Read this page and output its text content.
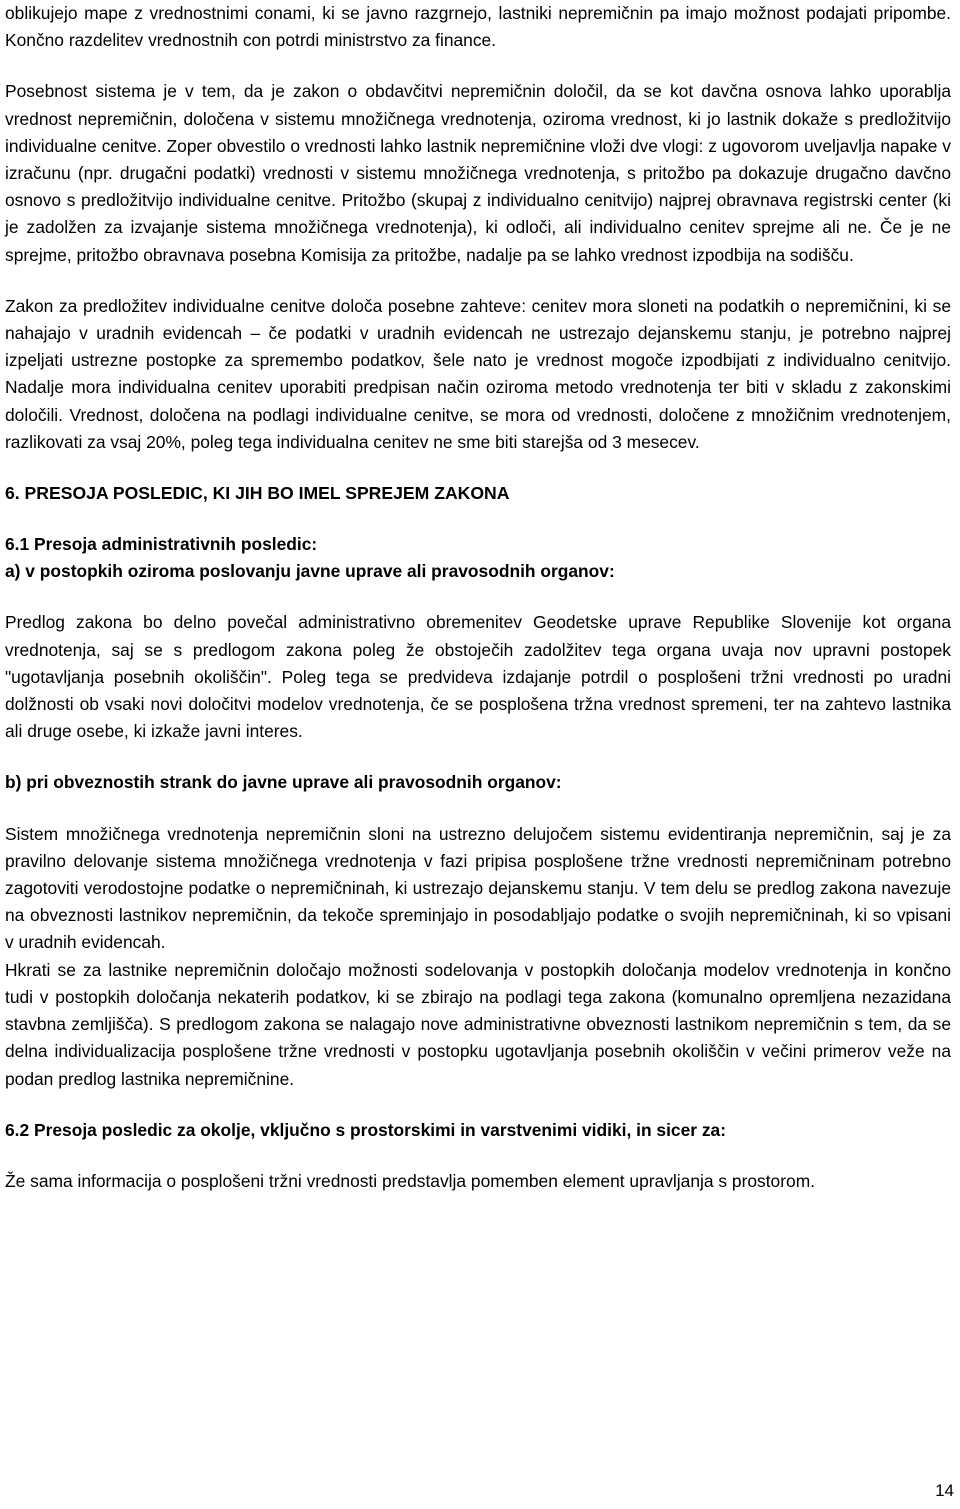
oblikujejo mape z vrednostnimi conami, ki se javno razgrnejo, lastniki nepremičnin pa imajo možnost podajati pripombe. Končno razdelitev vrednostnih con potrdi ministrstvo za finance.

Posebnost sistema je v tem, da je zakon o obdavčitvi nepremičnin določil, da se kot davčna osnova lahko uporablja vrednost nepremičnin, določena v sistemu množičnega vrednotenja, oziroma vrednost, ki jo lastnik dokaže s predložitvijo individualne cenitve. Zoper obvestilo o vrednosti lahko lastnik nepremičnine vloži dve vlogi: z ugovorom uveljavlja napake v izračunu (npr. drugačni podatki) vrednosti v sistemu množičnega vrednotenja, s pritožbo pa dokazuje drugačno davčno osnovo s predložitvijo individualne cenitve. Pritožbo (skupaj z individualno cenitvijo) najprej obravnava registrski center (ki je zadolžen za izvajanje sistema množičnega vrednotenja), ki odloči, ali individualno cenitev sprejme ali ne. Če je ne sprejme, pritožbo obravnava posebna Komisija za pritožbe, nadalje pa se lahko vrednost izpodbija na sodišču.

Zakon za predložitev individualne cenitve določa posebne zahteve: cenitev mora sloneti na podatkih o nepremičnini, ki se nahajajo v uradnih evidencah – če podatki v uradnih evidencah ne ustrezajo dejanskemu stanju, je potrebno najprej izpeljati ustrezne postopke za spremembo podatkov, šele nato je vrednost mogoče izpodbijati z individualno cenitvijo. Nadalje mora individualna cenitev uporabiti predpisan način oziroma metodo vrednotenja ter biti v skladu z zakonskimi določili. Vrednost, določena na podlagi individualne cenitve, se mora od vrednosti, določene z množičnim vrednotenjem, razlikovati za vsaj 20%, poleg tega individualna cenitev ne sme biti starejša od 3 mesecev.

6. PRESOJA POSLEDIC, KI JIH BO IMEL SPREJEM ZAKONA
6.1 Presoja administrativnih posledic:
a) v postopkih oziroma poslovanju javne uprave ali pravosodnih organov:

Predlog zakona bo delno povečal administrativno obremenitev Geodetske uprave Republike Slovenije kot organa vrednotenja, saj se s predlogom zakona poleg že obstoječih zadolžitev tega organa uvaja nov upravni postopek "ugotavljanja posebnih okoliščin". Poleg tega se predvideva izdajanje potrdil o posplošeni tržni vrednosti po uradni dolžnosti ob vsaki novi določitvi modelov vrednotenja, če se posplošena tržna vrednost spremeni, ter na zahtevo lastnika ali druge osebe, ki izkaže javni interes.

b) pri obveznostih strank do javne uprave ali pravosodnih organov:

Sistem množičnega vrednotenja nepremičnin sloni na ustrezno delujočem sistemu evidentiranja nepremičnin, saj je za pravilno delovanje sistema množičnega vrednotenja v fazi pripisa posplošene tržne vrednosti nepremičninam potrebno zagotoviti verodostojne podatke o nepremičninah, ki ustrezajo dejanskemu stanju. V tem delu se predlog zakona navezuje na obveznosti lastnikov nepremičnin, da tekoče spreminjajo in posodabljajo podatke o svojih nepremičninah, ki so vpisani v uradnih evidencah.

Hkrati se za lastnike nepremičnin določajo možnosti sodelovanja v postopkih določanja modelov vrednotenja in končno tudi v postopkih določanja nekaterih podatkov, ki se zbirajo na podlagi tega zakona (komunalno opremljena nezazidana stavbna zemljišča). S predlogom zakona se nalagajo nove administrativne obveznosti lastnikom nepremičnin s tem, da se delna individualizacija posplošene tržne vrednosti v postopku ugotavljanja posebnih okoliščin v večini primerov veže na podan predlog lastnika nepremičnine.

6.2 Presoja posledic za okolje, vključno s prostorskimi in varstvenimi vidiki, in sicer za:

Že sama informacija o posplošeni tržni vrednosti predstavlja pomemben element upravljanja s prostorom.

14
